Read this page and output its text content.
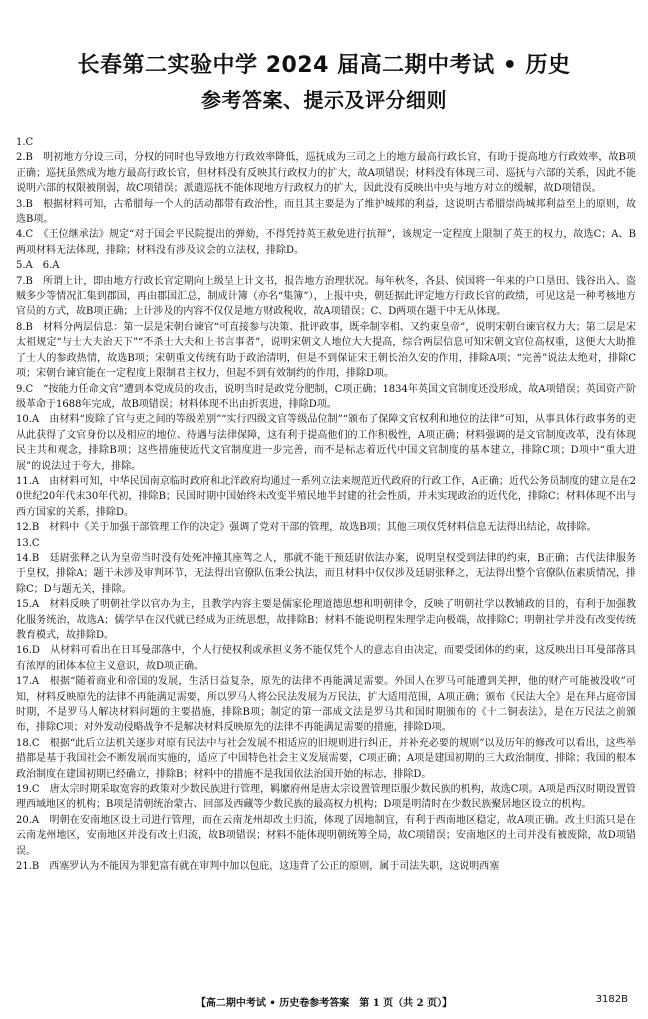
长春第二实验中学 2024 届高二期中考试 • 历史
参考答案、提示及评分细则
1.C
2.B　明初地方分设三司，分权的同时也导致地方行政效率降低，巡抚成为三司之上的地方最高行政长官，有助于提高地方行政效率，故B项正确；巡抚虽然成为地方最高行政长官，但材料没有反映其行政权力的扩大，故A项错误；材料没有体现三司、巡抚与六部的关系，因此不能说明六部的权限被削弱，故C项错误；派遣巡抚不能体现地方行政权力的扩大，因此没有反映出中央与地方对立的缓解，故D项错误。
3.B　根据材料可知，古希腊每一个人的活动都带有政治性，而且其主要是为了维护城邦的利益，这说明古希腊崇尚城邦利益至上的原则，故选B项。
4.C　《王位继承法》规定“对于国会平民院提出的弹劾，不得凭持英王赦免进行抗辩”，该规定一定程度上限制了英王的权力，故选C；A、B两项材料无法体现，排除；材料没有涉及议会的立法权，排除D。
5.A　6.A
7.B　所谓上计，即由地方行政长官定期向上级呈上计文书，报告地方治理状况。每年秋冬，各县、侯国将一年来的户口垦田、钱谷出入、盗贼多少等情况汇集到郡国，再由郡国汇总，制成计簿（亦名“集簿”），上报中央，朝廷据此评定地方行政长官的政绩，可见这是一种考核地方官员的方式，故B项正确；上计涉及的内容不仅仅是地方财政税收，故A项错误；C、D两项在题干中无从体现。
8.B　材料分两层信息：第一层是宋朝台谏官“可直接参与决策、批评政事，既牵制宰相、又约束皇帝”，说明宋朝台谏官权力大；第二层是宋太祖规定“与士大夫治天下”“不杀士大夫和上书言事者”，说明宋朝文人地位大大提高，综合两层信息可知宋朝文官位高权重，这便大大助推了士人的参政热情，故选B项；宋朝重文传统有助于政治清明，但是不到保证宋王朝长治久安的作用，排除A项；“完善”说法太绝对，排除C项；宋朝台谏官能在一定程度上限制君主权力，但起不到有效制约的作用，排除D项。
9.C　“按能力任命文官”遭到本党成员的攻击，说明当时是政党分肥制，C项正确；1834年英国文官制度还没形成，故A项错误；英国资产阶级革命于1688年完成，故B项错误；材料体现不出由折衷进，排除D项。
10.A　由材料“废除了官与吏之间的等级差别”“实行四级文官等级品位制”“颁布了保障文官权利和地位的法律”可知，从事具体行政事务的吏从此获得了文官身份以及相应的地位、待遇与法律保障，这有利于提高他们的工作积极性，A项正确；材料强调的是文官制度改革，没有体现民主共和观念，排除B项；这些措施使近代文官制度进一步完善，而不是标志着近代中国文官制度的基本建立，排除C项；D项中“重大进展”的说法过于夸大，排除。
11.A　由材料可知，中华民国南京临时政府和北洋政府均通过一系列立法来规范近代政府的行政工作，A正确；近代公务员制度的建立是在20世纪20年代末30年代初，排除B；民国时期中国始终未改变半殖民地半封建的社会性质，并未实现政治的近代化，排除C；材料体现不出与西方国家的关系，排除D。
12.B　材料中《关于加强干部管理工作的决定》强调了党对干部的管理，故选B项；其他三项仅凭材料信息无法得出结论，故排除。
13.C
14.B　廷尉张释之认为皇帝当时没有处死冲撞其座驾之人，那就不能干预廷尉依法办案，说明皇权受到法律的约束，B正确；古代法律服务于皇权，排除A；题干未涉及审判环节，无法得出官僚队伍秉公执法，而且材料中仅仅涉及廷尉张释之，无法得出整个官僚队伍素质情况，排除C；D与题无关，排除。
15.A　材料反映了明朝社学以官办为主，且教学内容主要是儒家伦理道德思想和明朝律令，反映了明朝社学以教辅政的目的，有利于加强教化服务统治，故选A；儒学早在汉代就已经成为正统思想，故排除B；材料不能说明程朱理学走向极端，故排除C；明朝社学并没有改变传统教育模式，故排除D。
16.D　从材料可看出在日耳曼部落中，个人行使权利或承担义务不能仅凭个人的意志自由决定，而要受团体的约束，这反映出日耳曼部落具有浓厚的团体本位主义意识，故D项正确。
17.A　根据“随着商业和帝国的发展，生活日益复杂，原先的法律不再能满足需要。外国人在罗马可能遭到关押，他的财产可能被没收”可知，材料反映原先的法律不再能满足需要，所以罗马人将公民法发展为万民法，扩大适用范围，A项正确；颁布《民法大全》是在拜占庭帝国时期，不是罗马人解决材料问题的主要措施，排除B项；制定的第一部成文法是罗马共和国时期颁布的《十二铜表法》，是在万民法之前颁布，排除C项；对外发动侵略战争不是解决材料反映原先的法律不再能满足需要的措施，排除D项。
18.C　根据“此后立法机关逐步对原有民法中与社会发展不相适应的旧规则进行纠正，并补充必要的规则”以及历年的修改可以看出，这些举措都是基于我国社会不断发展而实施的，适应了中国特色社会主义发展需要，C项正确；A项是建国初期的三大政治制度，排除；我国的根本政治制度在建国初期已经确立，排除B；材料中的措施不是我国依法治国开始的标志，排除D。
19.C　唐太宗时期采取宽容的政策对少数民族进行管理，羁縻府州是唐太宗设置管理臣服少数民族的机构，故选C项。A项是西汉时期设置管理西域地区的机构；B项是清朝统治蒙古、回部及西藏等少数民族的最高权力机构；D项是明清时在少数民族聚居地区设立的机构。
20.A　明朝在安南地区设土司进行管理，而在云南龙州却改土归流，体现了因地制宜，有利于西南地区稳定，故A项正确。改土归流只是在云南龙州地区，安南地区并没有改土归流，故B项错误；材料不能体现明朝统筹全局，故C项错误；安南地区的土司并没有被废除，故D项错误。
21.B　西塞罗认为不能因为罪犯富有就在审判中加以包庇，这违背了公正的原则，属于司法失职，这说明西塞
【高二期中考试 • 历史卷参考答案　第 1 页（共 2 页）】	3182B
